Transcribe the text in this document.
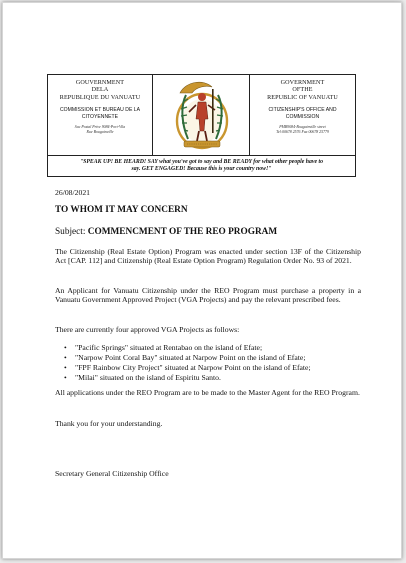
GOUVERNMENT
DELA
REPUBLIQUE DU VANUATU
COMMISSION ET BUREAU DE LA
CITOYENNETE
Sac Postal Prive 9084-Port-Vila
Rue Bougainville
GOVERNMENT
OFTHE
REPUBLIC OF VANUATU
CITIZENSHIP'S OFFICE AND
COMMISSION
PMB9084-Bougainville street
Tel:00678 2576 Fax 00678 25779
"SPEAK UP! BE HEARD! SAY what you've got to say and BE READY for what other people have to
say. GET ENGAGED! Because this is your country now!"
26/08/2021
TO WHOM IT MAY CONCERN
Subject: COMMENCMENT OF THE REO PROGRAM
The Citizenship (Real Estate Option) Program was enacted under section 13F of the Citizenship Act [CAP. 112] and Citizenship (Real Estate Option Program) Regulation Order No. 93 of 2021.
An Applicant for Vanuatu Citizenship under the REO Program must purchase a property in a Vanuatu Government Approved Project (VGA Projects) and pay the relevant prescribed fees.
There are currently four approved VGA Projects as follows:
• "Pacific Springs" situated at Rentabao on the island of Efate;
• "Narpow Point Coral Bay" situated at Narpow Point on the island of Efate;
• "FPF Rainbow City Project" situated at Narpow Point on the island of Efate;
• "Milai" situated on the island of Espiritu Santo.
All applications under the REO Program are to be made to the Master Agent for the REO Program.
Thank you for your understanding.
Secretary General Citizenship Office
